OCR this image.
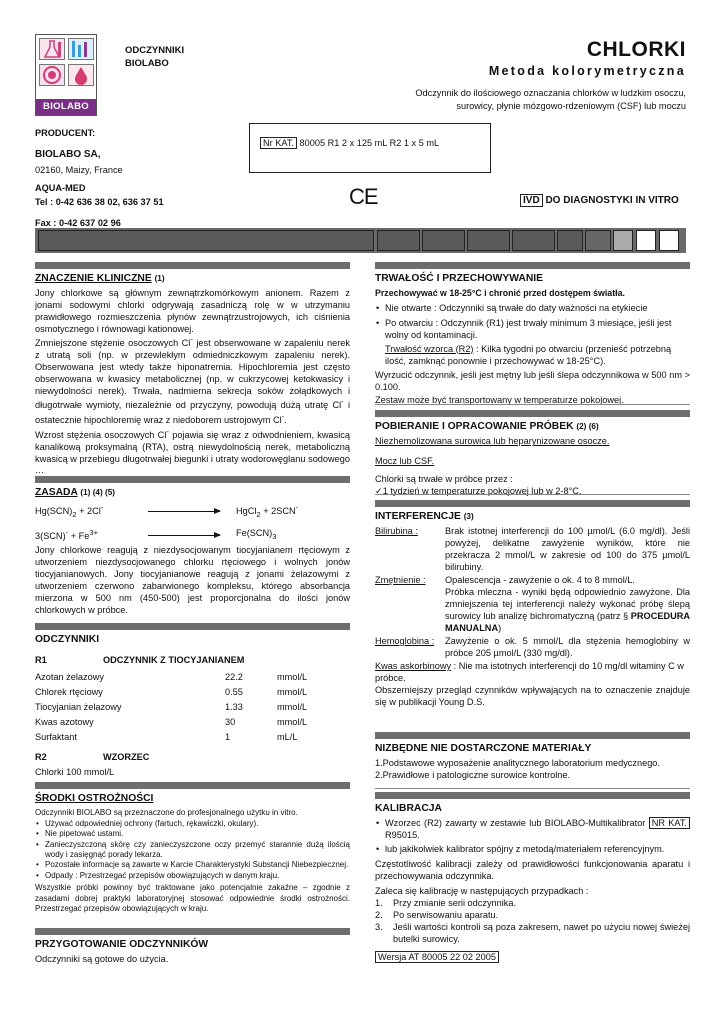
BIOLABO
ODCZYNNIKI
BIOLABO
CHLORKI
Metoda kolorymetryczna
Odczynnik do ilościowego oznaczania chlorków w ludzkim osoczu,
surowicy, płynie mózgowo-rdzeniowym (CSF) lub moczu
PRODUCENT:
BIOLABO SA,
02160, Maizy, France
AQUA-MED
Tel : 0-42 636 38 02, 636 37 51
Fax : 0-42 637 02 96
Nr KAT. 80005 R1 2 x 125 mL R2 1 x 5 mL
CE	IVD DO DIAGNOSTYKI IN VITRO
ZNACZENIE KLINICZNE (1)

Jony chlorkowe są głównym zewnątrzkomórkowym anionem. Razem z jonami sodowymi chlorki odgrywają zasadniczą rolę w w utrzymaniu prawidłowego rozmieszczenia płynów zewnątrzustrojowych, ich ciśnienia osmotycznego i równowagi kationowej.

Zmniejszone stężenie osoczowych Cl- jest obserwowane w zapaleniu nerek z utratą soli (np. w przewlekłym odmiedniczkowym zapaleniu nerek). Obserwowana jest wtedy także hiponatremia. Hipochloremia jest często obserwowana w kwasicy metabolicznej (np. w cukrzycowej ketokwasicy i niewydolności nerek). Trwała, nadmierna sekrecja soków żołądkowych i długotrwałe wymioty, niezależnie od przyczyny, powodują dużą utratę Cl- i ostatecznie hipochloremię wraz z niedoborem ustrojowym Cl-.

Wzrost stężenia osoczowych Cl- pojawia się wraz z odwodnieniem, kwasicą kanalikową proksymalną (RTA), ostrą niewydolnością nerek, metaboliczną kwasicą w przebiegu długotrwałej biegunki i utraty wodorowęglanu sodowego …

ZASADA (1) (4) (5)
$Hg(SCN)_2 + 2Cl^-$	HgCl$_2$ + 2SCN-
$3(SCN)^- + Fe^{3+}$	$Fe(SCN)_3$

Jony chlorkowe reagują z niezdysocjowanym tiocyjanianem rtęciowym z utworzeniem niezdysocjowanego chlorku rtęciowego i wolnych jonów tiocyjanianowych. Jony tiocyjanianowe reagują z jonami żelazowymi z utworzeniem czerwono zabarwionego kompleksu, którego absorbancja mierzona w 500 nm (450-500) jest proporcjonalna do ilości jonów chlorkowych w próbce.

ODCZYNNIKI
R1	ODCZYNNIK Z TIOCYJANIANEM
Azotan żelazowy	22.2	mmol/L
Chlorek rtęciowy	0.55	mmol/L
Tiocyjanian żelazowy	1.33	mmol/L
Kwas azotowy	30	mmol/L
Surfaktant	1	mL/L
R2	WZORZEC
Chlorki 100 mmol/L
ŚRODKI OSTROŻNOŚCI
Odczynniki BIOLABO są przeznaczone do profesjonalnego użytku in vitro.
• Używać odpowiedniej ochrony (fartuch, rękawiczki, okulary).
• Nie pipetować ustami.
• Zanieczyszczoną skórę czy zanieczyszczone oczy przemyć starannie dużą ilością wody i zasięgnąć porady lekarza.
• Pozostałe informacje są zawarte w Karcie Charakterystyki Substancji Niebezpiecznej.
• Odpady : Przestrzegać przepisów obowiązujących w danym kraju.

Wszystkie próbki powinny być traktowane jako potencjalnie zakaźne – zgodnie z zasadami dobrej praktyki laboratoryjnej stosować odpowiednie środki ostrożności. Przestrzegać przepisów obowiązujących w kraju.

PRZYGOTOWANIE ODCZYNNIKÓW
Odczynniki są gotowe do użycia.
TRWAŁOŚĆ I PRZECHOWYWANIE
Przechowywać w 18-25°C i chronić przed dostępem światła.
• Nie otwarte : Odczynniki są trwałe do daty ważności na etykiecie
• Po otwarciu : Odczynnik (R1) jest trwały minimum 3 miesiące, jeśli jest wolny od kontaminacji.
Trwałość wzorca (R2) : Kilka tygodni po otwarciu (przenieść potrzebną ilość, zamknąć ponownie i przechowywać w 18-25°C).

Wyrzucić odczynnik, jeśli jest mętny lub jeśli ślepa odczynnikowa w 500 nm > 0.100.

Zestaw może być transportowany w temperaturze pokojowej.

POBIERANIE I OPRACOWANIE PRÓBEK (2) (6)
Niezhemolizowana surowica lub heparynizowane osocze.
Mocz lub CSF.
Chlorki są trwałe w próbce przez :
✓1 tydzień w temperaturze pokojowej lub w 2-8°C.
INTERFERENCJE (3)
Bilirubina :	Brak istotnej interferencji do 100 µmol/L (6.0 mg/dl). Jeśli powyżej, delikatne zawyżenie wyników, które nie przekracza 2 mmol/L w zakresie od 100 do 375 µmol/L bilirubiny.
Zmętnienie :	Opalescencja - zawyżenie o ok. 4 to 8 mmol/L.
Próbka mleczna - wyniki będą odpowiednio zawyżone. Dla zmniejszenia tej interferencji należy wykonać próbę ślepą surowicy lub analizę bichromatyczną (patrz § PROCEDURA MANUALNA)
Hemoglobina :	Zawyżenie o ok. 5 mmol/L dla stężenia hemoglobiny w próbce 205 µmol/L (330 mg/dl).
Kwas askorbinowy : Nie ma istotnych interferencji do 10 mg/dl witaminy C w próbce.

Obszerniejszy przegląd czynników wpływających na to oznaczenie znajduje się w publikacji Young D.S.

NIZBĘDNE NIE DOSTARCZONE MATERIAŁY
1.Podstawowe wyposażenie analitycznego laboratorium medycznego.
2.Prawidłowe i patologiczne surowice kontrolne.
KALIBRACJA
• Wzorzec (R2) zawarty w zestawie lub BIOLABO-Multikalibrator NR KAT. R95015.
• lub jakikolwiek kalibrator spójny z metodą/materiałem referencyjnym.

Częstotliwość kalibracji zależy od prawidłowości funkcjonowania aparatu i przechowywania odczynnika.

Zaleca się kalibrację w następujących przypadkach :

1.	Przy zmianie serii odczynnika.
2.	Po serwisowaniu aparatu.
3.	Jeśli wartości kontroli są poza zakresem, nawet po użyciu nowej świeżej butelki surowicy.
Wersja AT 80005 22 02 2005
